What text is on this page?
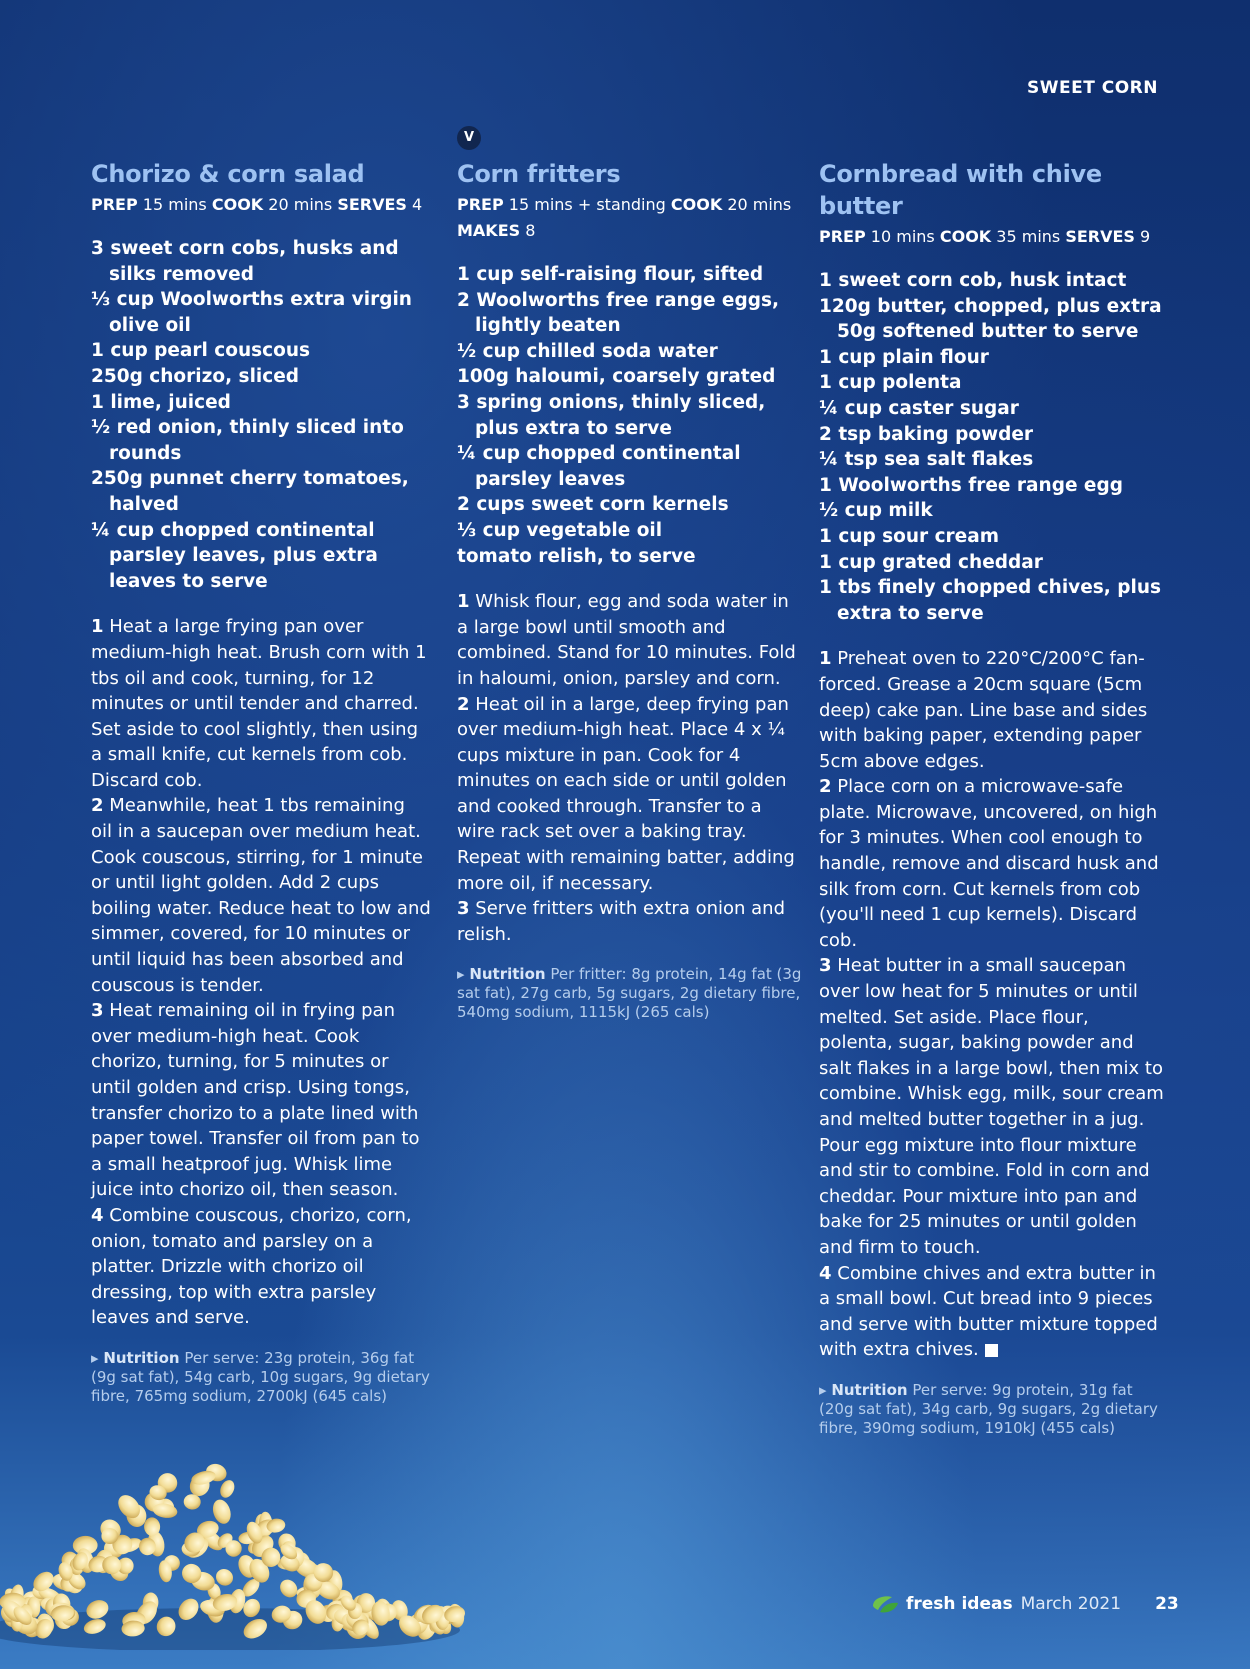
SWEET CORN
V
Chorizo & corn salad

PREP 15 mins COOK 20 mins SERVES 4

3 sweet corn cobs, husks and silks removed
⅓ cup Woolworths extra virgin olive oil
1 cup pearl couscous
250g chorizo, sliced
1 lime, juiced
½ red onion, thinly sliced into rounds
250g punnet cherry tomatoes, halved
¼ cup chopped continental parsley leaves, plus extra leaves to serve

1 Heat a large frying pan over medium-high heat. Brush corn with 1 tbs oil and cook, turning, for 12 minutes or until tender and charred. Set aside to cool slightly, then using a small knife, cut kernels from cob. Discard cob.

2 Meanwhile, heat 1 tbs remaining oil in a saucepan over medium heat. Cook couscous, stirring, for 1 minute or until light golden. Add 2 cups boiling water. Reduce heat to low and simmer, covered, for 10 minutes or until liquid has been absorbed and couscous is tender.

3 Heat remaining oil in frying pan over medium-high heat. Cook chorizo, turning, for 5 minutes or until golden and crisp. Using tongs, transfer chorizo to a plate lined with paper towel. Transfer oil from pan to a small heatproof jug. Whisk lime juice into chorizo oil, then season.

4 Combine couscous, chorizo, corn, onion, tomato and parsley on a platter. Drizzle with chorizo oil dressing, top with extra parsley leaves and serve.

▸ Nutrition Per serve: 23g protein, 36g fat (9g sat fat), 54g carb, 10g sugars, 9g dietary fibre, 765mg sodium, 2700kJ (645 cals)
Corn fritters

PREP 15 mins + standing COOK 20 mins MAKES 8

1 cup self-raising flour, sifted
2 Woolworths free range eggs, lightly beaten
½ cup chilled soda water
100g haloumi, coarsely grated
3 spring onions, thinly sliced, plus extra to serve
¼ cup chopped continental parsley leaves
2 cups sweet corn kernels
⅓ cup vegetable oil
tomato relish, to serve

1 Whisk flour, egg and soda water in a large bowl until smooth and combined. Stand for 10 minutes. Fold in haloumi, onion, parsley and corn.

2 Heat oil in a large, deep frying pan over medium-high heat. Place 4 x ¼ cups mixture in pan. Cook for 4 minutes on each side or until golden and cooked through. Transfer to a wire rack set over a baking tray. Repeat with remaining batter, adding more oil, if necessary.

3 Serve fritters with extra onion and relish.

▸ Nutrition Per fritter: 8g protein, 14g fat (3g sat fat), 27g carb, 5g sugars, 2g dietary fibre, 540mg sodium, 1115kJ (265 cals)
Cornbread with chive butter

PREP 10 mins COOK 35 mins SERVES 9

1 sweet corn cob, husk intact
120g butter, chopped, plus extra 50g softened butter to serve
1 cup plain flour
1 cup polenta
¼ cup caster sugar
2 tsp baking powder
¼ tsp sea salt flakes
1 Woolworths free range egg
½ cup milk
1 cup sour cream
1 cup grated cheddar
1 tbs finely chopped chives, plus extra to serve

1 Preheat oven to 220°C/200°C fan-forced. Grease a 20cm square (5cm deep) cake pan. Line base and sides with baking paper, extending paper 5cm above edges.

2 Place corn on a microwave-safe plate. Microwave, uncovered, on high for 3 minutes. When cool enough to handle, remove and discard husk and silk from corn. Cut kernels from cob (you'll need 1 cup kernels). Discard cob.

3 Heat butter in a small saucepan over low heat for 5 minutes or until melted. Set aside. Place flour, polenta, sugar, baking powder and salt flakes in a large bowl, then mix to combine. Whisk egg, milk, sour cream and melted butter together in a jug. Pour egg mixture into flour mixture and stir to combine. Fold in corn and cheddar. Pour mixture into pan and bake for 25 minutes or until golden and firm to touch.

4 Combine chives and extra butter in a small bowl. Cut bread into 9 pieces and serve with butter mixture topped with extra chives.

▸ Nutrition Per serve: 9g protein, 31g fat (20g sat fat), 34g carb, 9g sugars, 2g dietary fibre, 390mg sodium, 1910kJ (455 cals)
fresh ideas March 2021 23
